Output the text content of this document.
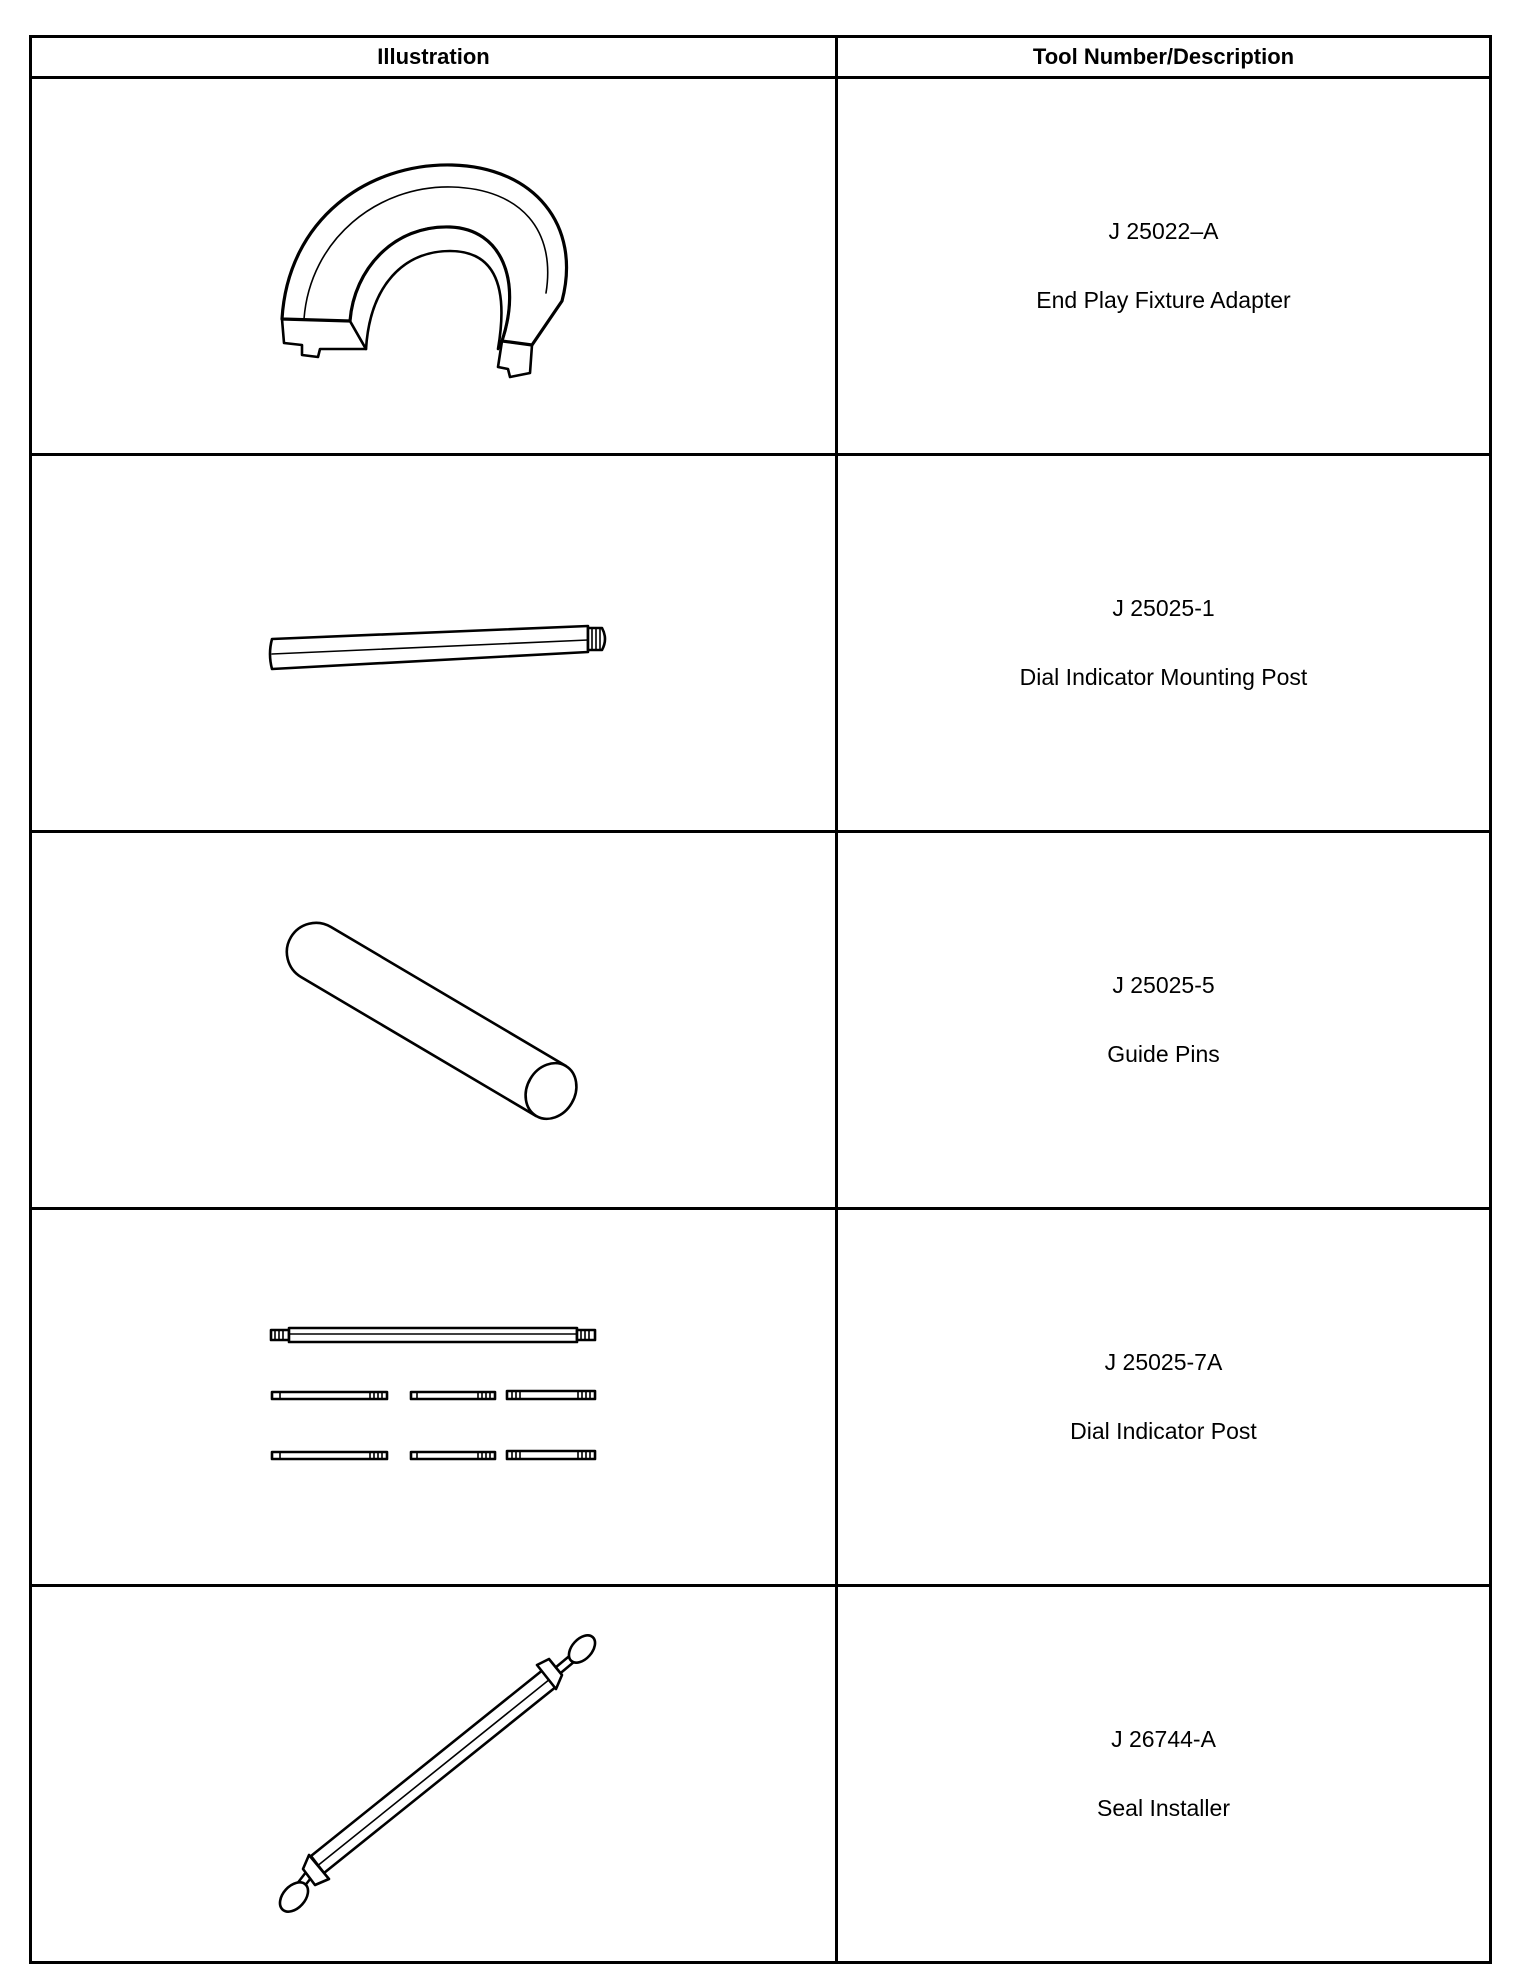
Illustration	Tool Number/Description

J 25022–A
End Play Fixture Adapter

J 25025-1
Dial Indicator Mounting Post

J 25025-5
Guide Pins

J 25025-7A
Dial Indicator Post

J 26744-A
Seal Installer
